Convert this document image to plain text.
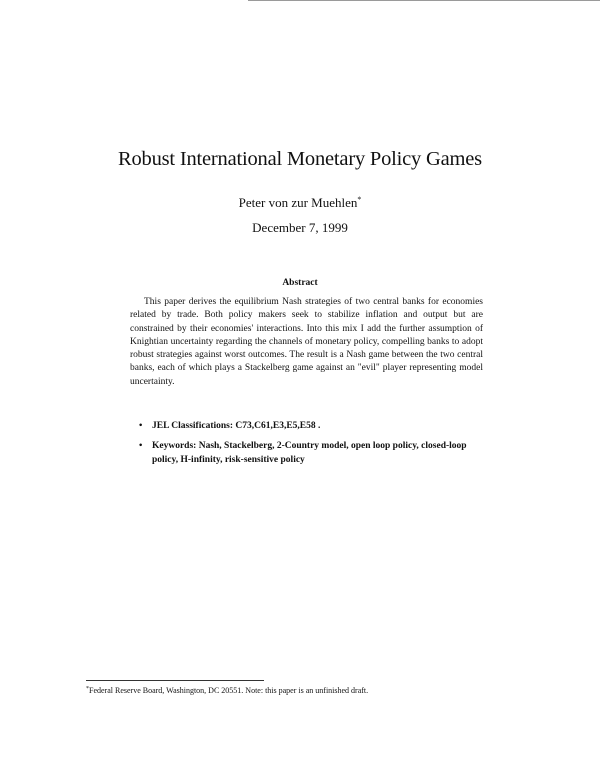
Robust International Monetary Policy Games
Peter von zur Muehlen*
December 7, 1999
Abstract

This paper derives the equilibrium Nash strategies of two central banks for economies related by trade. Both policy makers seek to stabilize inflation and output but are constrained by their economies' interactions. Into this mix I add the further assumption of Knightian uncertainty regarding the channels of monetary policy, compelling banks to adopt robust strategies against worst outcomes. The result is a Nash game between the two central banks, each of which plays a Stackelberg game against an "evil" player representing model uncertainty.

• JEL Classifications: C73,C61,E3,E5,E58 .
• Keywords: Nash, Stackelberg, 2-Country model, open loop policy, closed-loop policy, H-infinity, risk-sensitive policy
*Federal Reserve Board, Washington, DC 20551. Note: this paper is an unfinished draft.
